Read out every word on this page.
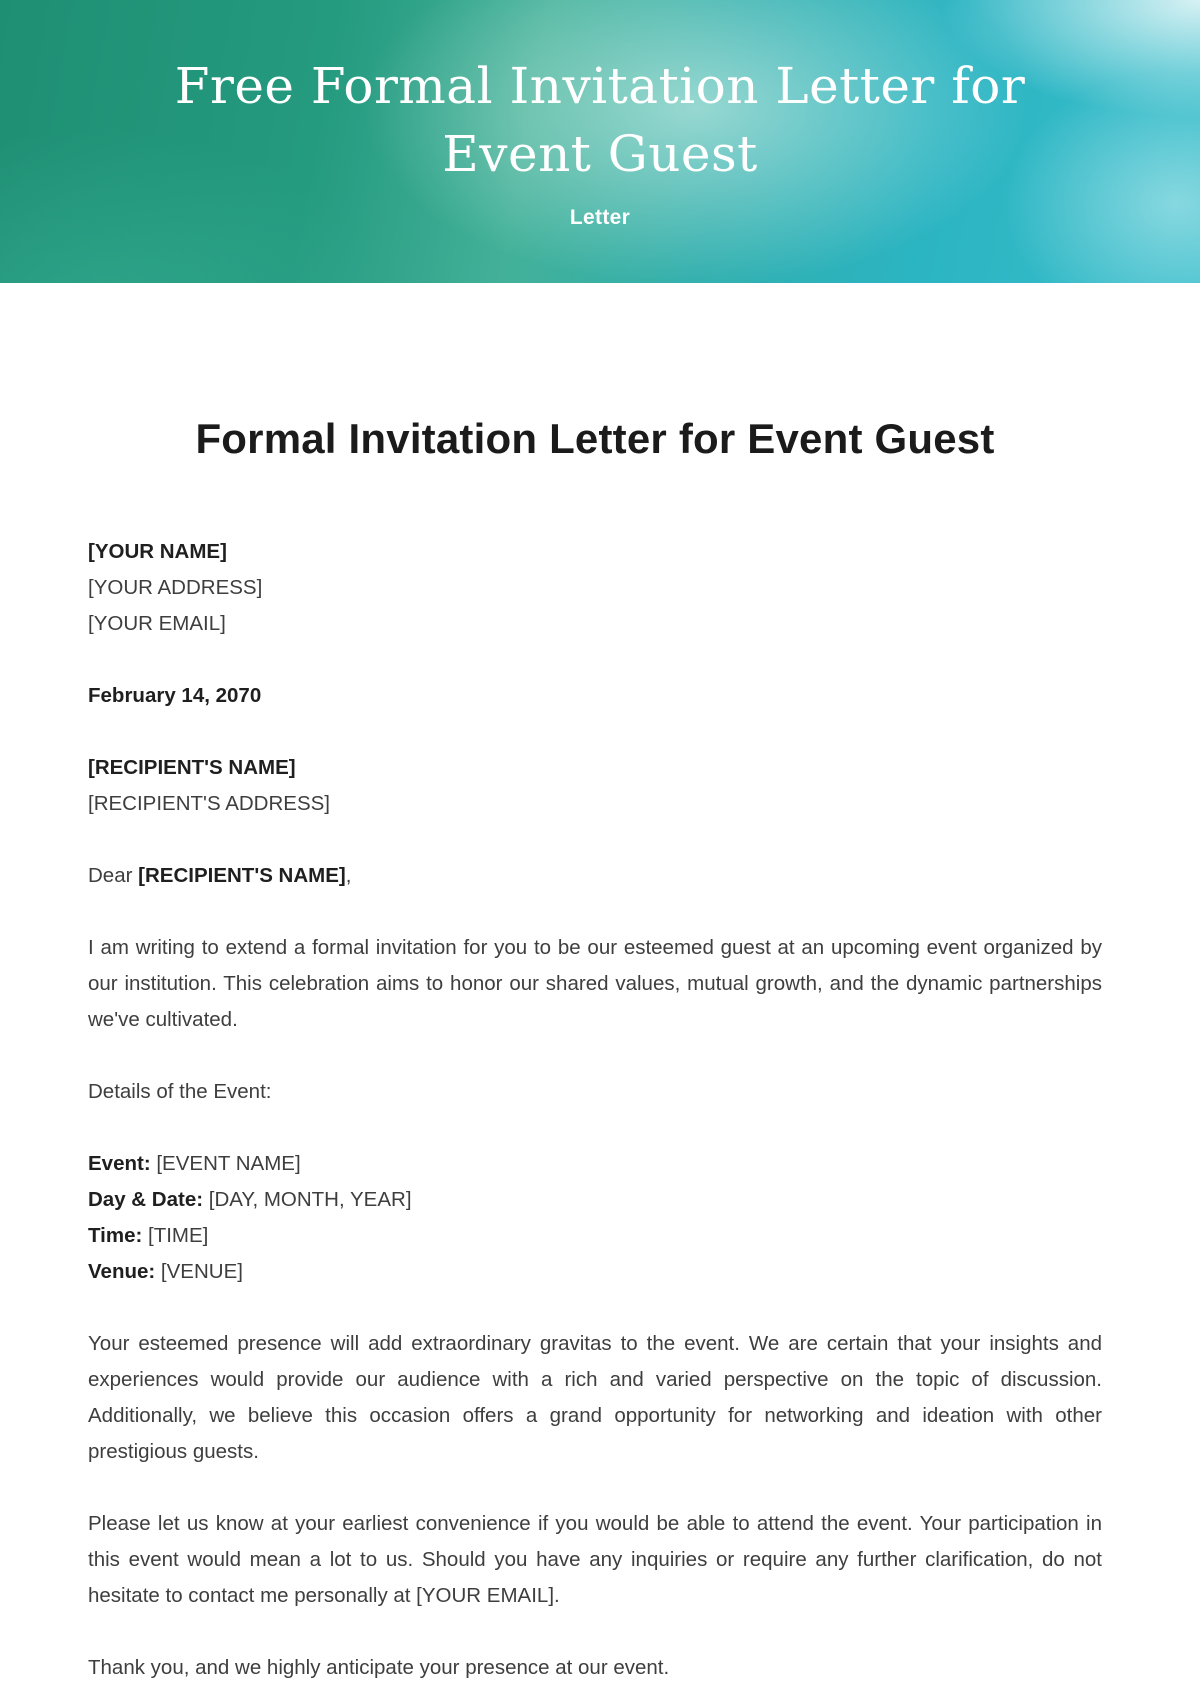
Free Formal Invitation Letter for
Event Guest
Letter
Formal Invitation Letter for Event Guest
[YOUR NAME]
[YOUR ADDRESS]
[YOUR EMAIL]
February 14, 2070
[RECIPIENT'S NAME]
[RECIPIENT'S ADDRESS]
Dear [RECIPIENT'S NAME],

I am writing to extend a formal invitation for you to be our esteemed guest at an upcoming event organized by our institution. This celebration aims to honor our shared values, mutual growth, and the dynamic partnerships we've cultivated.

Details of the Event:
Event: [EVENT NAME]
Day & Date: [DAY, MONTH, YEAR]
Time: [TIME]
Venue: [VENUE]

Your esteemed presence will add extraordinary gravitas to the event. We are certain that your insights and experiences would provide our audience with a rich and varied perspective on the topic of discussion. Additionally, we believe this occasion offers a grand opportunity for networking and ideation with other prestigious guests.

Please let us know at your earliest convenience if you would be able to attend the event. Your participation in this event would mean a lot to us. Should you have any inquiries or require any further clarification, do not hesitate to contact me personally at [YOUR EMAIL].

Thank you, and we highly anticipate your presence at our event.
